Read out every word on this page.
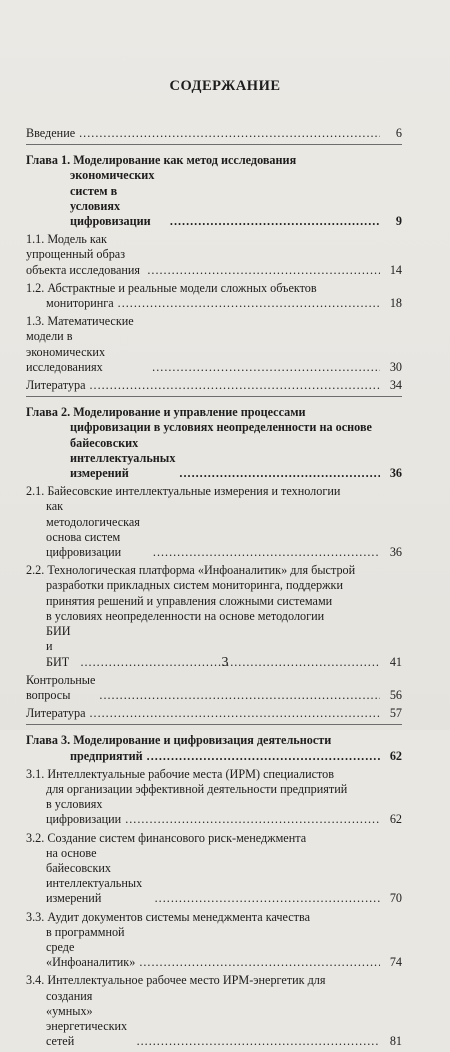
СОДЕРЖАНИЕ
Введение .....	6
Глава 1. Моделирование как метод исследования
экономических систем в условиях цифровизации .....	9
1.1. Модель как упрощенный образ объекта исследования .....	14
1.2. Абстрактные и реальные модели сложных объектов
мониторинга .....	18
1.3. Математические модели в экономических исследованиях .....	30
Литература .....	34
Глава 2. Моделирование и управление процессами
цифровизации в условиях неопределенности на основе
байесовских интеллектуальных измерений .....	36
2.1. Байесовские интеллектуальные измерения и технологии
как методологическая основа систем цифровизации .....	36
2.2. Технологическая платформа «Инфоаналитик» для быстрой
разработки прикладных систем мониторинга, поддержки
принятия решений и управления сложными системами
в условиях неопределенности на основе методологии
БИИ и БИТ .....	41
Контрольные вопросы .....	56
Литература .....	57
Глава 3. Моделирование и цифровизация деятельности
предприятий .....	62
3.1. Интеллектуальные рабочие места (ИРМ) специалистов
для организации эффективной деятельности предприятий
в условиях цифровизации .....	62
3.2. Создание систем финансового риск-менеджмента
на основе байесовских интеллектуальных измерений .....	70
3.3. Аудит документов системы менеджмента качества
в программной среде «Инфоаналитик» .....	74
3.4. Интеллектуальное рабочее место ИРМ-энергетик для
создания «умных» энергетических сетей .....	81
3
